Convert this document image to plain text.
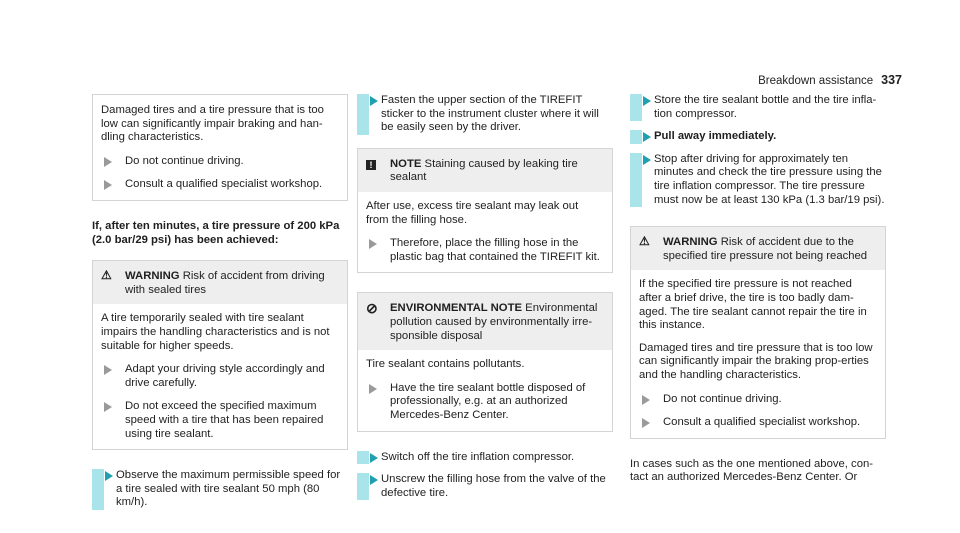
Breakdown assistance 337

Damaged tires and a tire pressure that is too low can significantly impair braking and han-dling characteristics.

Do not continue driving.
Consult a qualified specialist workshop.

If, after ten minutes, a tire pressure of 200 kPa (2.0 bar/29 psi) has been achieved:

⚠	WARNING Risk of accident from driving with sealed tires

A tire temporarily sealed with tire sealant impairs the handling characteristics and is not suitable for higher speeds.

Adapt your driving style accordingly and drive carefully.
Do not exceed the specified maximum speed with a tire that has been repaired using tire sealant.
Observe the maximum permissible speed for a tire sealed with tire sealant 50 mph (80 km/h).
Fasten the upper section of the TIREFIT sticker to the instrument cluster where it will be easily seen by the driver.
!	NOTE Staining caused by leaking tire sealant

After use, excess tire sealant may leak out from the filling hose.

Therefore, place the filling hose in the plastic bag that contained the TIREFIT kit.
⊘	ENVIRONMENTAL NOTE Environmental pollution caused by environmentally irre-sponsible disposal

Tire sealant contains pollutants.

Have the tire sealant bottle disposed of professionally, e.g. at an authorized Mercedes-Benz Center.
Switch off the tire inflation compressor.
Unscrew the filling hose from the valve of the defective tire.
Store the tire sealant bottle and the tire infla-tion compressor.
Pull away immediately.
Stop after driving for approximately ten minutes and check the tire pressure using the tire inflation compressor. The tire pressure must now be at least 130 kPa (1.3 bar/19 psi).
⚠	WARNING Risk of accident due to the specified tire pressure not being reached

If the specified tire pressure is not reached after a brief drive, the tire is too badly dam-aged. The tire sealant cannot repair the tire in this instance.

Damaged tires and tire pressure that is too low can significantly impair the braking prop-erties and the handling characteristics.

Do not continue driving.
Consult a qualified specialist workshop.

In cases such as the one mentioned above, con-tact an authorized Mercedes-Benz Center. Or
